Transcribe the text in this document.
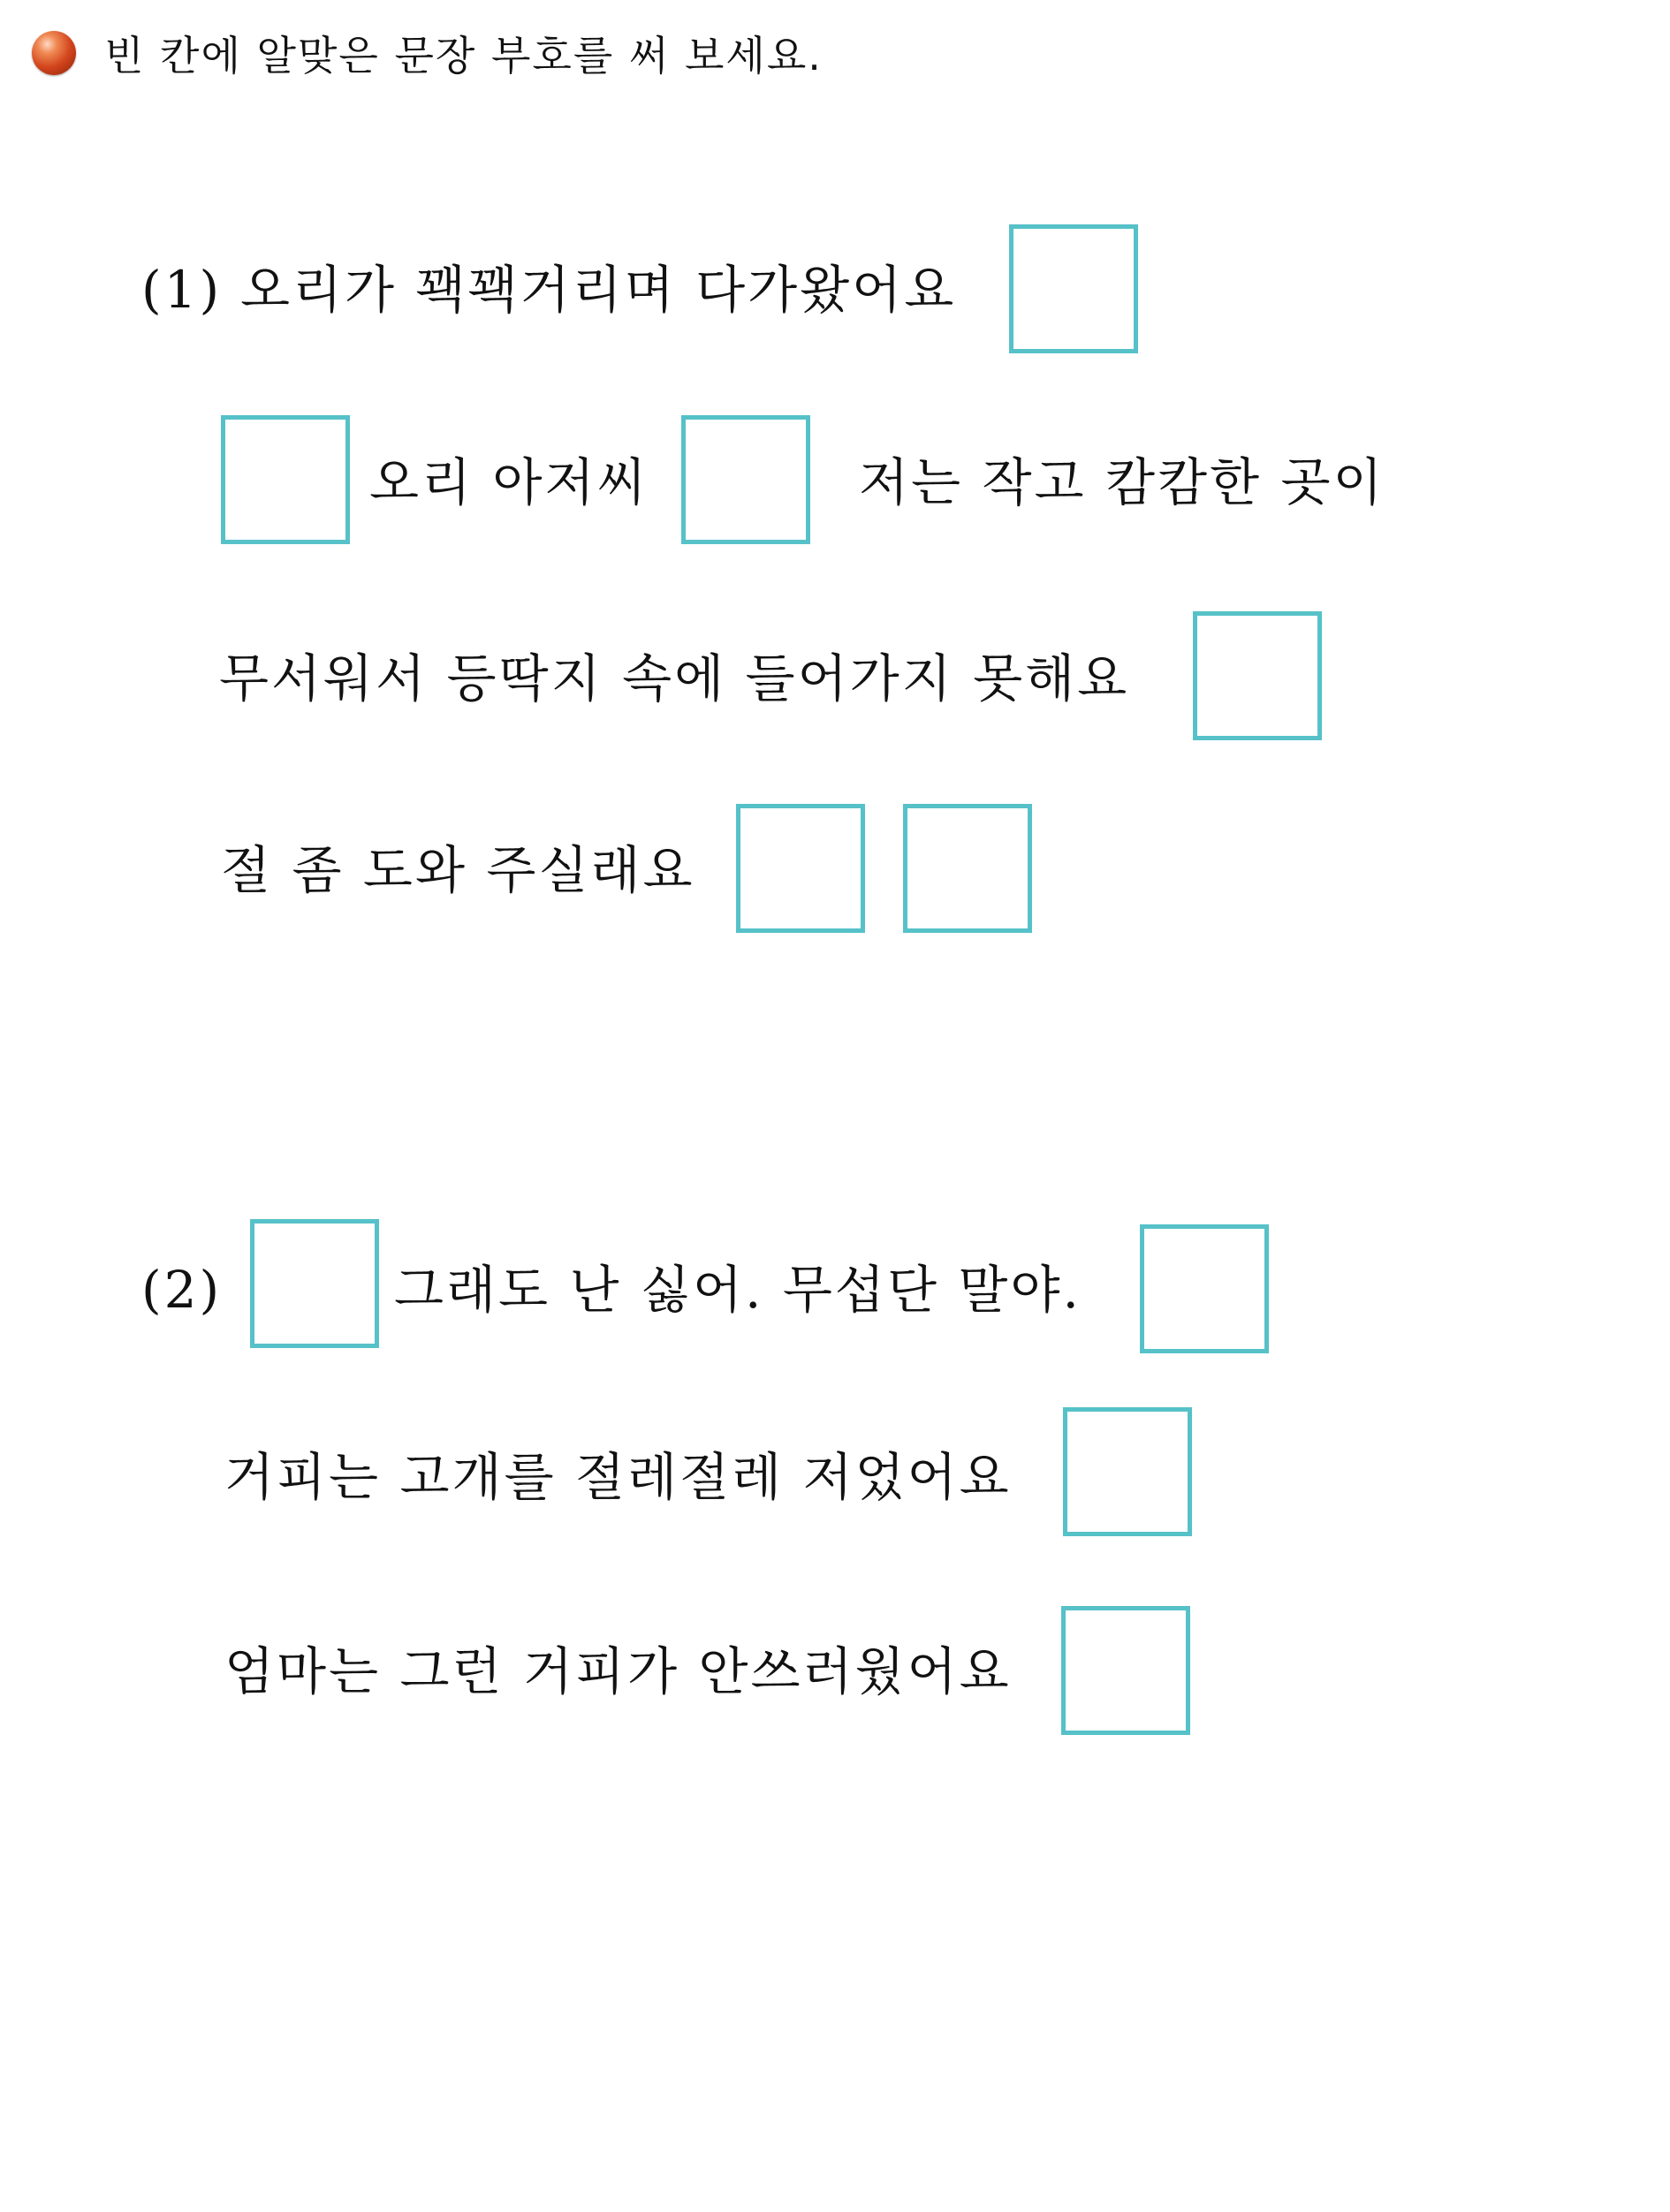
빈 칸에 알맞은 문장 부호를 써 보세요.
(1) 오리가 꽥꽥거리며 다가왔어요
오리 아저씨	저는 작고 캄캄한 곳이
무서워서 등딱지 속에 들어가지 못해요
절 좀 도와 주실래요
(2)	그래도 난 싫어. 무섭단 말야.
거피는 고개를 절레절레 저었어요
엄마는 그런 거피가 안쓰러웠어요
